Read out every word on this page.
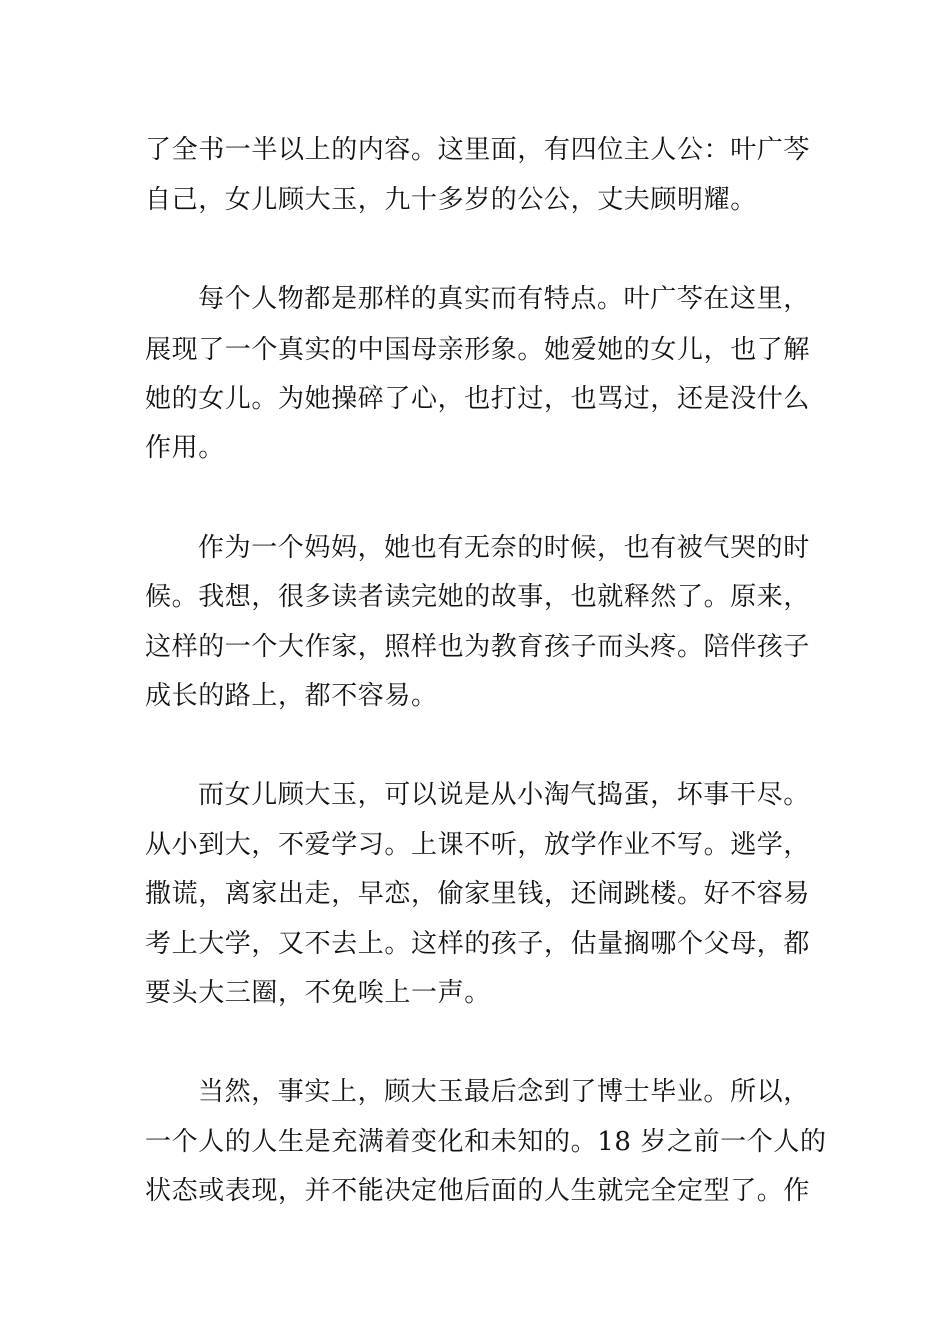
了全书一半以上的内容。这里面，有四位主人公：叶广芩
自己，女儿顾大玉，九十多岁的公公，丈夫顾明耀。
每个人物都是那样的真实而有特点。叶广芩在这里，
展现了一个真实的中国母亲形象。她爱她的女儿，也了解
她的女儿。为她操碎了心，也打过，也骂过，还是没什么
作用。
作为一个妈妈，她也有无奈的时候，也有被气哭的时
候。我想，很多读者读完她的故事，也就释然了。原来，
这样的一个大作家，照样也为教育孩子而头疼。陪伴孩子
成长的路上，都不容易。
而女儿顾大玉，可以说是从小淘气捣蛋，坏事干尽。
从小到大，不爱学习。上课不听，放学作业不写。逃学，
撒谎，离家出走，早恋，偷家里钱，还闹跳楼。好不容易
考上大学，又不去上。这样的孩子，估量搁哪个父母，都
要头大三圈，不免唉上一声。
当然，事实上，顾大玉最后念到了博士毕业。所以，
一个人的人生是充满着变化和未知的。18 岁之前一个人的
状态或表现，并不能决定他后面的人生就完全定型了。作
